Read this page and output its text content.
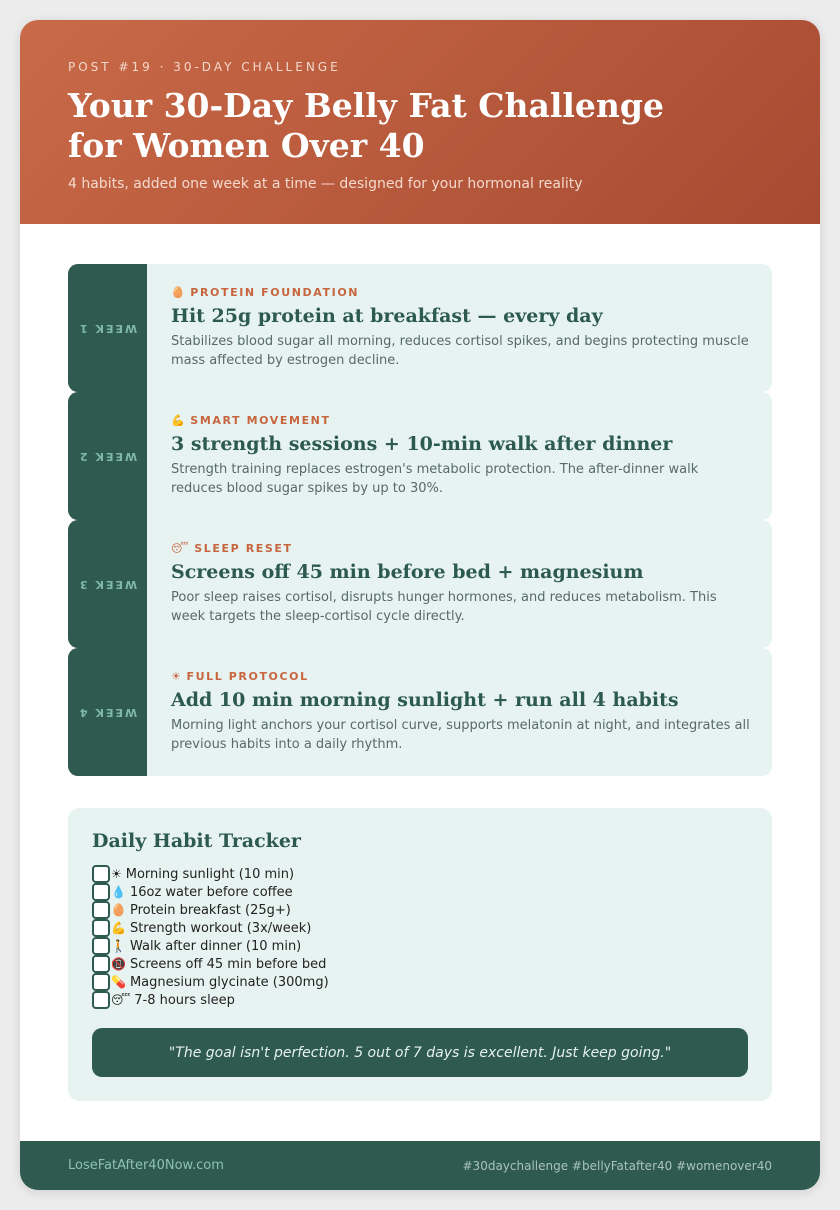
POST #19 · 30-DAY CHALLENGE
Your 30-Day Belly Fat Challenge for Women Over 40
4 habits, added one week at a time — designed for your hormonal reality
WEEK 1
🥚 PROTEIN FOUNDATION
Hit 25g protein at breakfast — every day
Stabilizes blood sugar all morning, reduces cortisol spikes, and begins protecting muscle mass affected by estrogen decline.
WEEK 2
💪 SMART MOVEMENT
3 strength sessions + 10-min walk after dinner
Strength training replaces estrogen's metabolic protection. The after-dinner walk reduces blood sugar spikes by up to 30%.
WEEK 3
😴 SLEEP RESET
Screens off 45 min before bed + magnesium
Poor sleep raises cortisol, disrupts hunger hormones, and reduces metabolism. This week targets the sleep-cortisol cycle directly.
WEEK 4
☀ FULL PROTOCOL
Add 10 min morning sunlight + run all 4 habits
Morning light anchors your cortisol curve, supports melatonin at night, and integrates all previous habits into a daily rhythm.
Daily Habit Tracker
☀ Morning sunlight (10 min)
💧 16oz water before coffee
🥚 Protein breakfast (25g+)
💪 Strength workout (3x/week)
🚶 Walk after dinner (10 min)
📵 Screens off 45 min before bed
💊 Magnesium glycinate (300mg)
😴 7-8 hours sleep
"The goal isn't perfection. 5 out of 7 days is excellent. Just keep going."
LoseFatAfter40Now.com	#30daychallenge #bellyFatafter40 #womenover40
